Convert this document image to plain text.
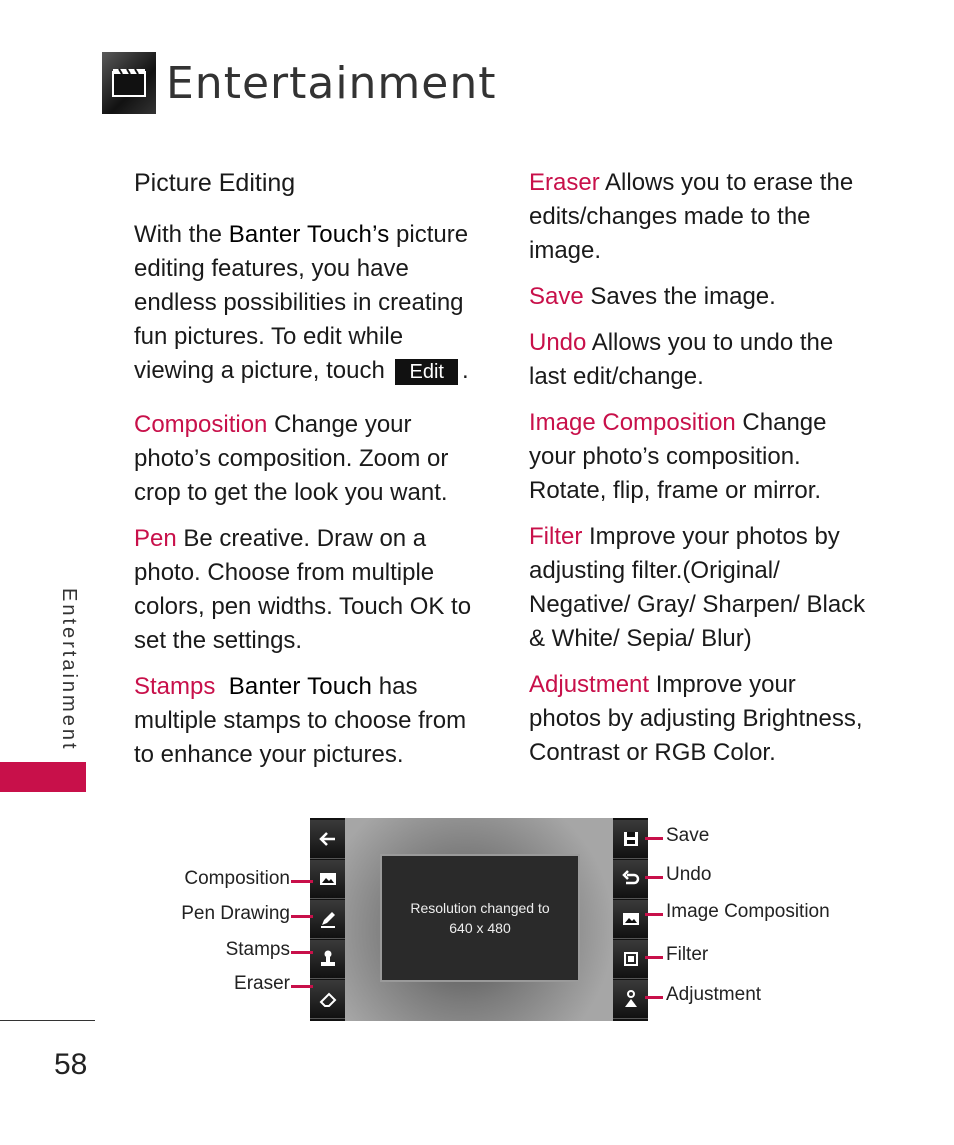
Entertainment
Entertainment
Picture Editing

With the Banter Touch’s picture editing features, you have endless possibilities in creating fun pictures. To edit while viewing a picture, touch Edit .

Composition Change your photo’s composition. Zoom or crop to get the look you want.

Pen Be creative. Draw on a photo. Choose from multiple colors, pen widths. Touch OK to set the settings.

Stamps Banter Touch has multiple stamps to choose from to enhance your pictures.

Eraser Allows you to erase the edits/changes made to the image.

Save Saves the image.

Undo Allows you to undo the last edit/change.

Image Composition Change your photo’s composition. Rotate, flip, frame or mirror.

Filter Improve your photos by adjusting filter.(Original/ Negative/ Gray/ Sharpen/ Black & White/ Sepia/ Blur)

Adjustment Improve your photos by adjusting Brightness, Contrast or RGB Color.

Resolution changed to
640 x 480
Composition
Pen Drawing
Stamps
Eraser
Save
Undo
Image Composition
Filter
Adjustment
58
